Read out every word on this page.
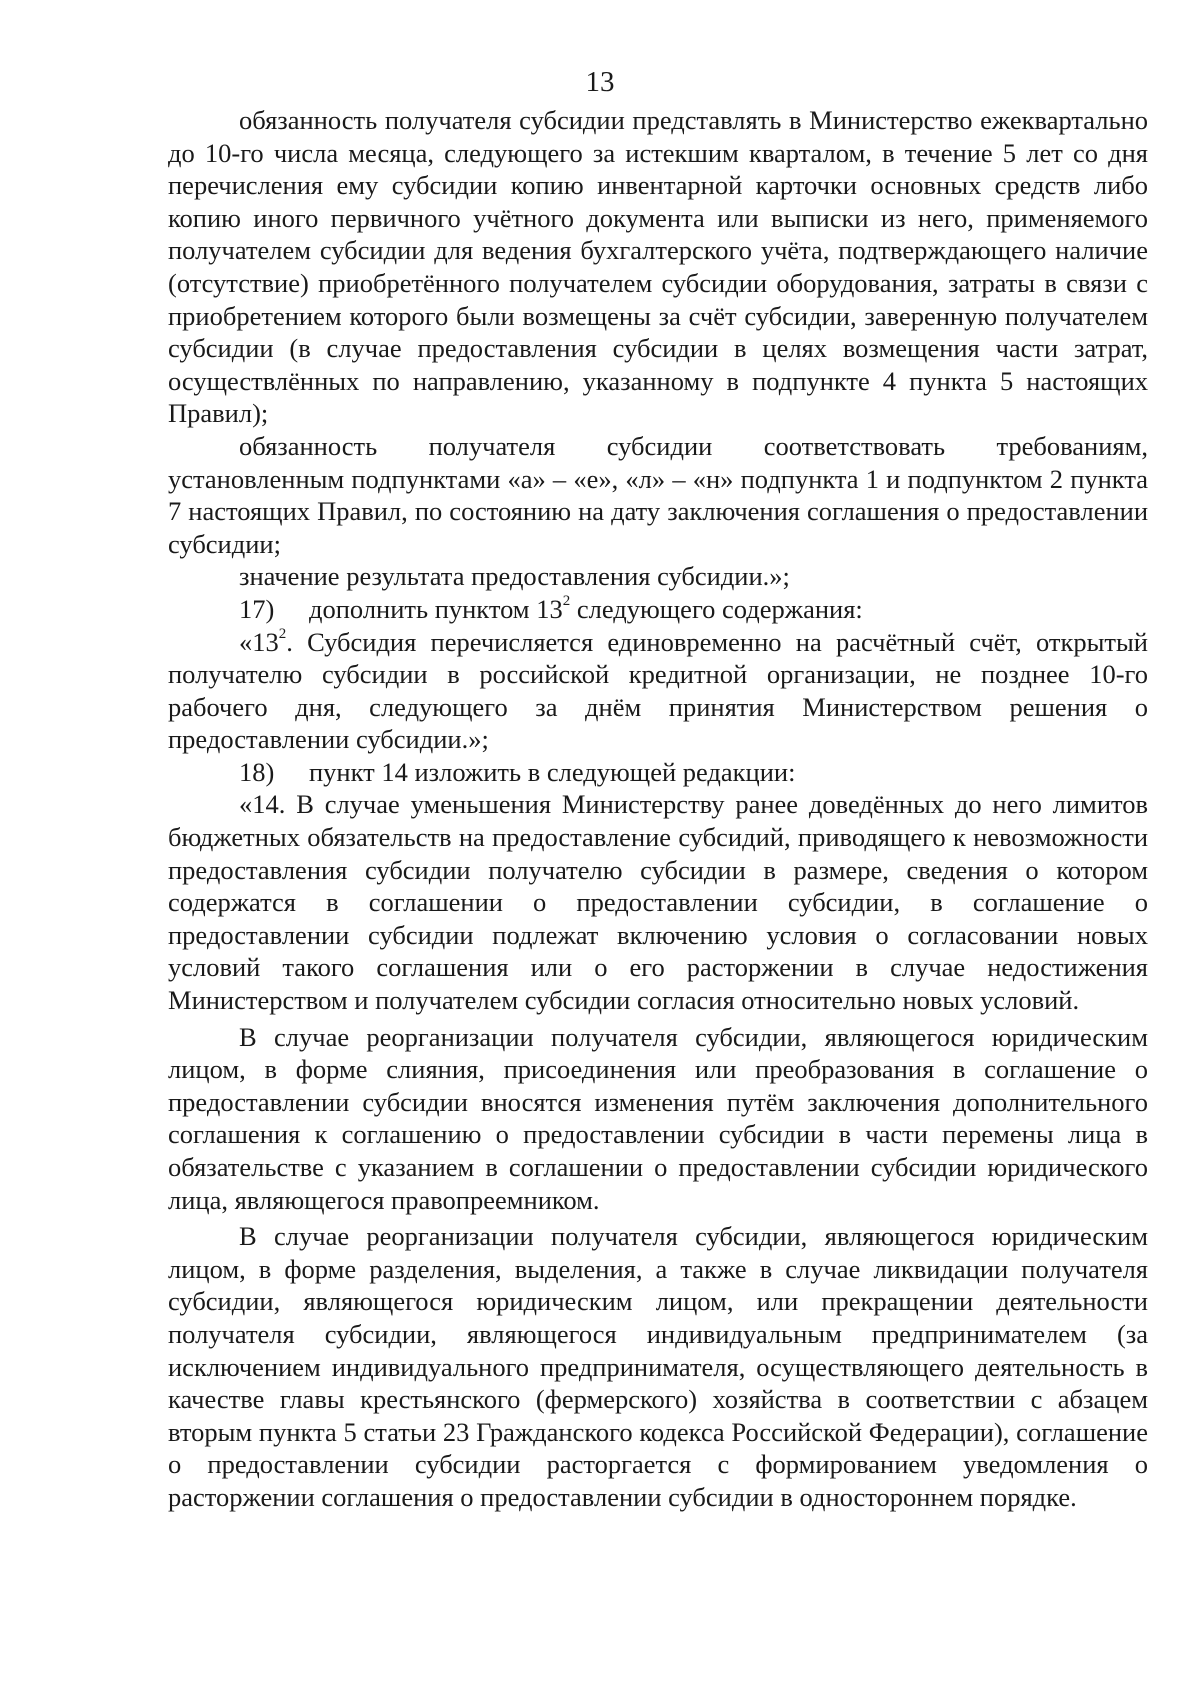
13

обязанность получателя субсидии представлять в Министерство ежеквартально до 10-го числа месяца, следующего за истекшим кварталом, в течение 5 лет со дня перечисления ему субсидии копию инвентарной карточки основных средств либо копию иного первичного учётного документа или выписки из него, применяемого получателем субсидии для ведения бухгалтерского учёта, подтверждающего наличие (отсутствие) приобретённого получателем субсидии оборудования, затраты в связи с приобретением которого были возмещены за счёт субсидии, заверенную получателем субсидии (в случае предоставления субсидии в целях возмещения части затрат, осуществлённых по направлению, указанному в подпункте 4 пункта 5 настоящих Правил);

обязанность получателя субсидии соответствовать требованиям, установленным подпунктами «а» – «е», «л» – «н» подпункта 1 и подпунктом 2 пункта 7 настоящих Правил, по состоянию на дату заключения соглашения о предоставлении субсидии;

значение результата предоставления субсидии.»;

17) дополнить пунктом $13^2$ следующего содержания:

«$13^2$. Субсидия перечисляется единовременно на расчётный счёт, открытый получателю субсидии в российской кредитной организации, не позднее 10-го рабочего дня, следующего за днём принятия Министерством решения о предоставлении субсидии.»;

18) пункт 14 изложить в следующей редакции:

«14. В случае уменьшения Министерству ранее доведённых до него лимитов бюджетных обязательств на предоставление субсидий, приводящего к невозможности предоставления субсидии получателю субсидии в размере, сведения о котором содержатся в соглашении о предоставлении субсидии, в соглашение о предоставлении субсидии подлежат включению условия о согласовании новых условий такого соглашения или о его расторжении в случае недостижения Министерством и получателем субсидии согласия относительно новых условий.

В случае реорганизации получателя субсидии, являющегося юридическим лицом, в форме слияния, присоединения или преобразования в соглашение о предоставлении субсидии вносятся изменения путём заключения дополнительного соглашения к соглашению о предоставлении субсидии в части перемены лица в обязательстве с указанием в соглашении о предоставлении субсидии юридического лица, являющегося правопреемником.

В случае реорганизации получателя субсидии, являющегося юридическим лицом, в форме разделения, выделения, а также в случае ликвидации получателя субсидии, являющегося юридическим лицом, или прекращении деятельности получателя субсидии, являющегося индивидуальным предпринимателем (за исключением индивидуального предпринимателя, осуществляющего деятельность в качестве главы крестьянского (фермерского) хозяйства в соответствии с абзацем вторым пункта 5 статьи 23 Гражданского кодекса Российской Федерации), соглашение о предоставлении субсидии расторгается с формированием уведомления о расторжении соглашения о предоставлении субсидии в одностороннем порядке.
